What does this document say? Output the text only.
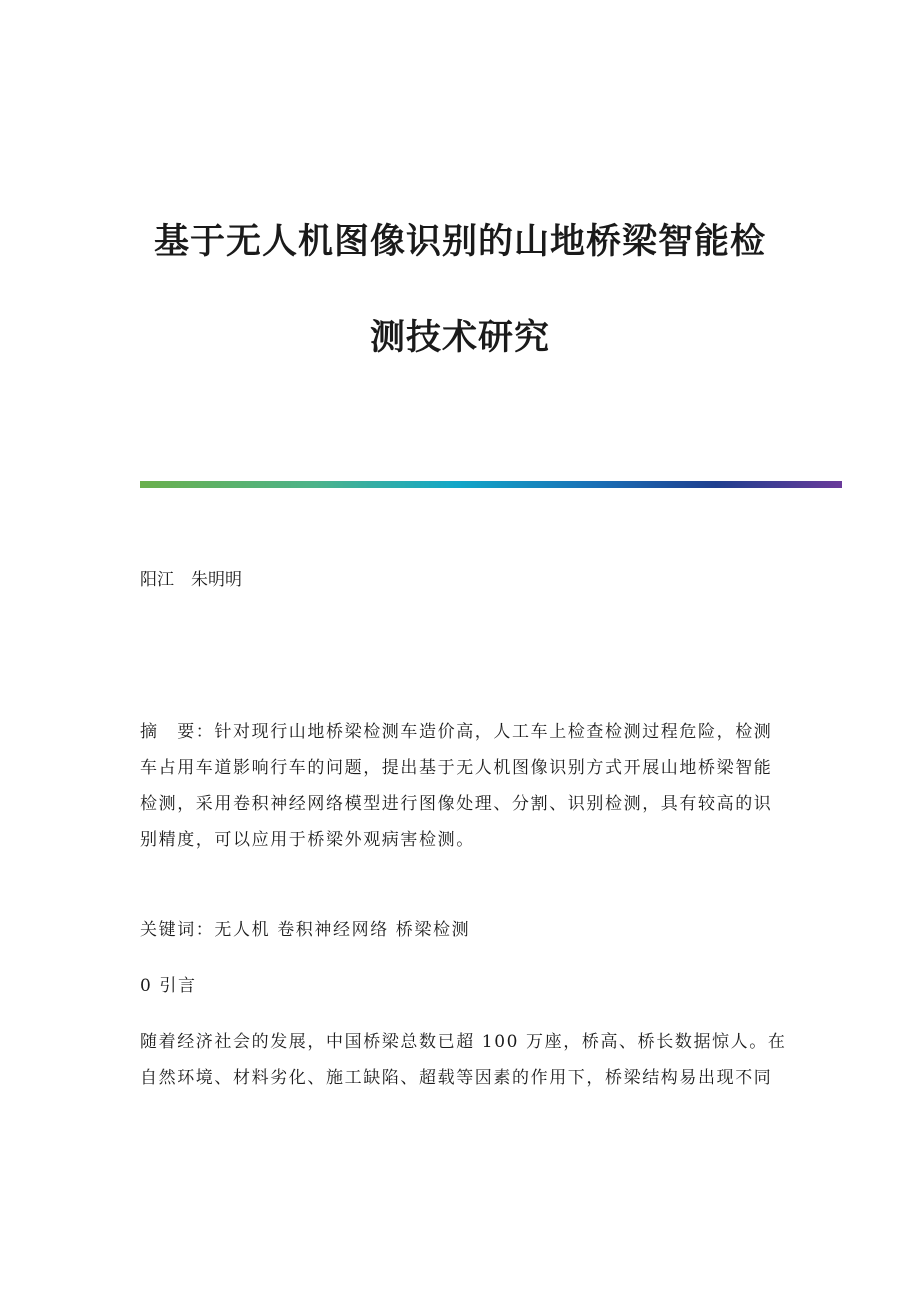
基于无人机图像识别的山地桥梁智能检
测技术研究
阳江　朱明明

摘　要：针对现行山地桥梁检测车造价高，人工车上检查检测过程危险，检测
车占用车道影响行车的问题，提出基于无人机图像识别方式开展山地桥梁智能
检测，采用卷积神经网络模型进行图像处理、分割、识别检测，具有较高的识
别精度，可以应用于桥梁外观病害检测。

关键词：无人机 卷积神经网络 桥梁检测

0 引言

随着经济社会的发展，中国桥梁总数已超 100 万座，桥高、桥长数据惊人。在
自然环境、材料劣化、施工缺陷、超载等因素的作用下，桥梁结构易出现不同
